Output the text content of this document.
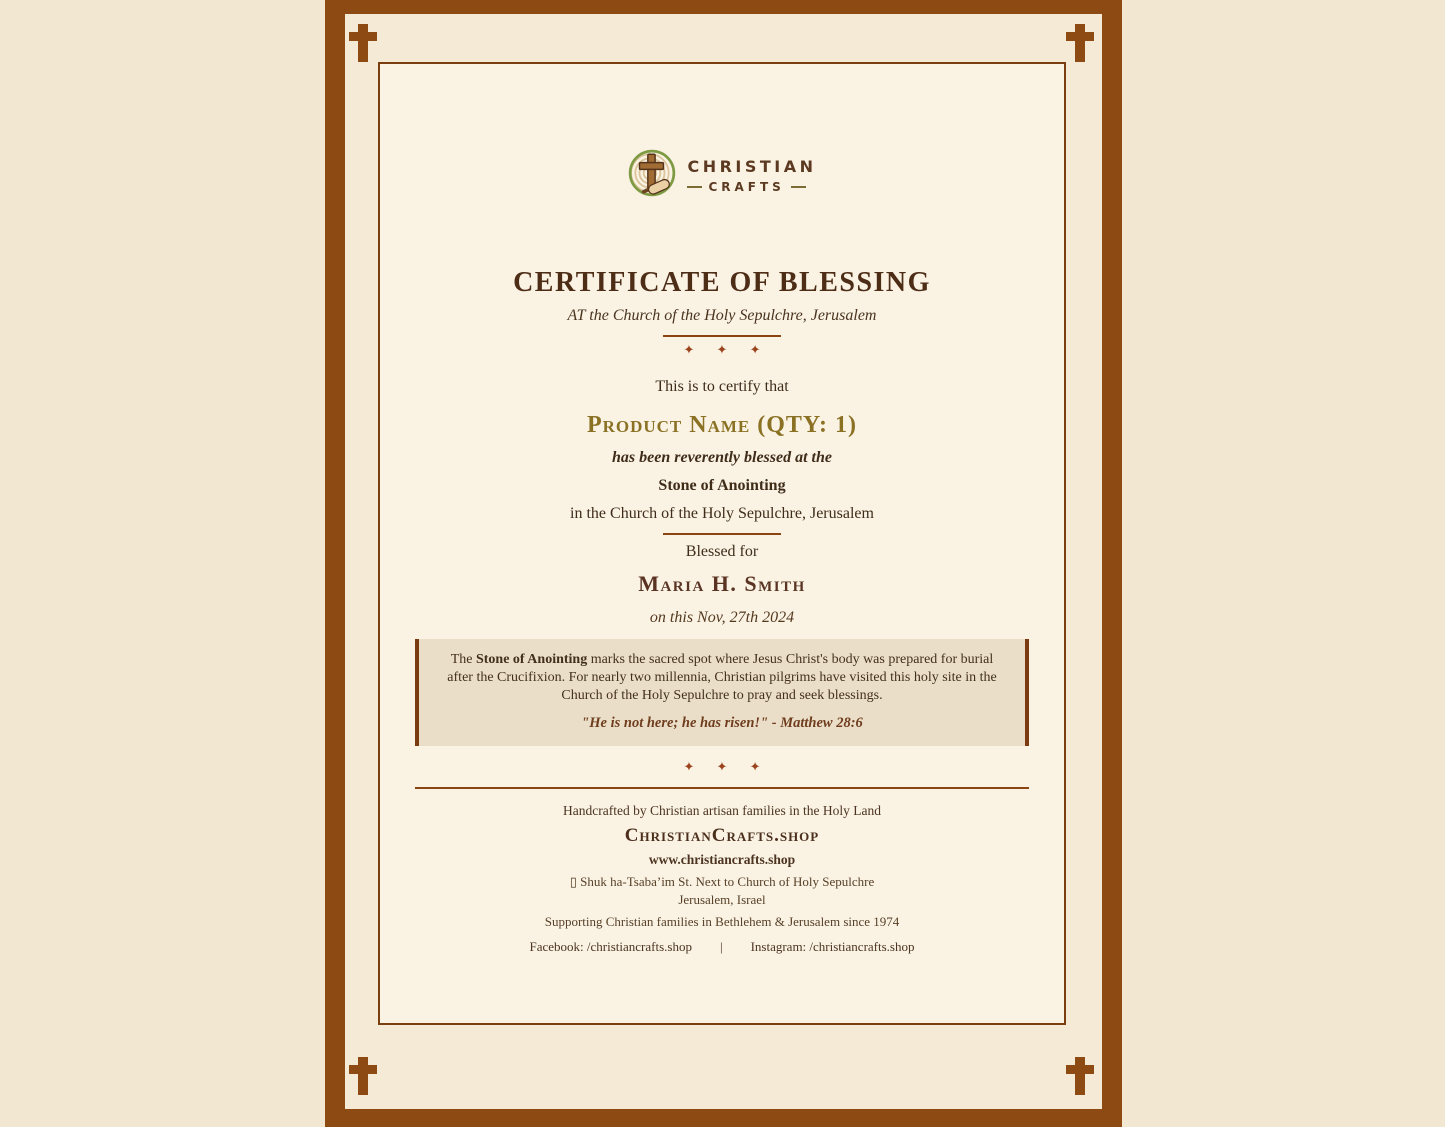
CHRISTIAN
CRAFTS
CERTIFICATE OF BLESSING
AT the Church of the Holy Sepulchre, Jerusalem
✦ ✦ ✦
This is to certify that
Product Name (QTY: 1)
has been reverently blessed at the
Stone of Anointing
in the Church of the Holy Sepulchre, Jerusalem
Blessed for
Maria H. Smith
on this Nov, 27th 2024
The Stone of Anointing marks the sacred spot where Jesus Christ's body was prepared for burial after the Crucifixion. For nearly two millennia, Christian pilgrims have visited this holy site in the Church of the Holy Sepulchre to pray and seek blessings.
"He is not here; he has risen!" - Matthew 28:6
✦ ✦ ✦
Handcrafted by Christian artisan families in the Holy Land
ChristianCrafts.shop
www.christiancrafts.shop
▯ Shuk ha-Tsaba’im St. Next to Church of Holy Sepulchre
Jerusalem, Israel
Supporting Christian families in Bethlehem & Jerusalem since 1974
Facebook: /christiancrafts.shop | Instagram: /christiancrafts.shop
